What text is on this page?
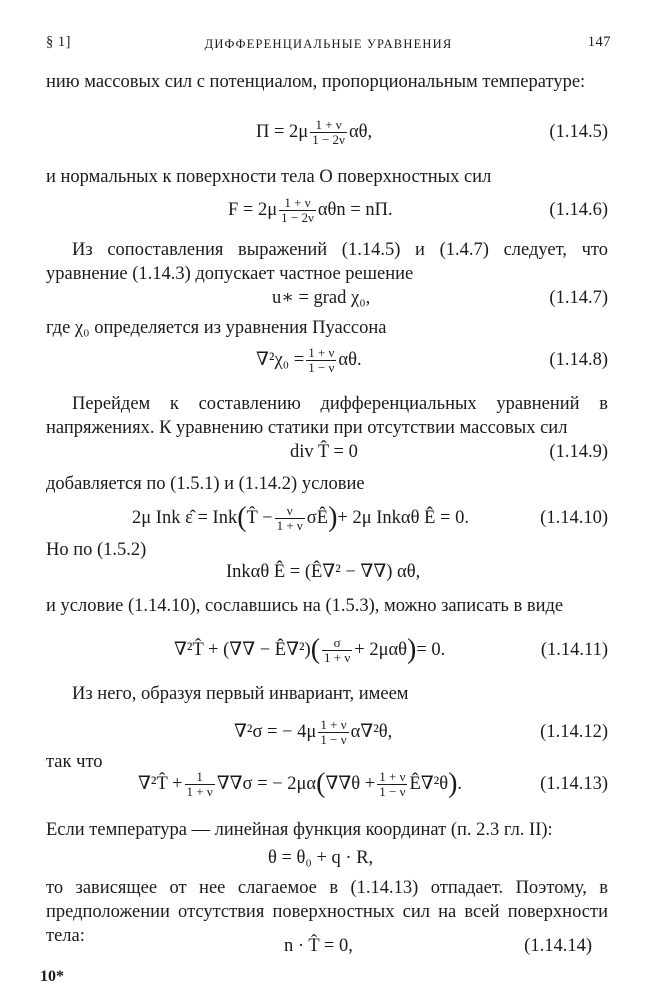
§ 1]	ДИФФЕРЕНЦИАЛЬНЫЕ УРАВНЕНИЯ	147
нию массовых сил с потенциалом, пропорциональным температуре:
$\Pi = 2\mu \frac{1 + \nu}{1 - 2\nu} \alpha\theta$,	(1.14.5)
и нормальных к поверхности тела O поверхностных сил
$F = 2\mu \frac{1 + \nu}{1 - 2\nu}$ αθn = nΠ.	(1.14.6)
Из сопоставления выражений (1.14.5) и (1.4.7) следует, что уравнение (1.14.3) допускает частное решение
u∗ = grad χ₀,	(1.14.7)
где χ₀ определяется из уравнения Пуассона
$\nabla^2\chi_0 = \frac{1 + \nu}{1 - \nu} \alpha\theta$.	(1.14.8)
Перейдем к составлению дифференциальных уравнений в напряжениях. К уравнению статики при отсутствии массовых сил
div T̂ = 0	(1.14.9)
добавляется по (1.5.1) и (1.14.2) условие
2μ Ink ε̂ = Ink ( T̂ − $\frac{\nu}{1 + \nu}$ σÊ ) + 2μ Inkαθ Ê = 0.	(1.14.10)
Но по (1.5.2)
Inkαθ Ê = (Ê∇² − ∇∇) αθ,
и условие (1.14.10), сославшись на (1.5.3), можно записать в виде
∇²T̂ + (∇∇ − Ê∇²) ( $\frac{\sigma}{1 + \nu} + 2\mu\alpha\theta$ ) = 0.	(1.14.11)
Из него, образуя первый инвариант, имеем
∇²σ = − $4\mu \frac{1 + \nu}{1 - \nu} \alpha\nabla^2\theta$,	(1.14.12)
так что
∇²T̂ + $\frac{1}{1 + \nu} \nabla\nabla\sigma$ = − 2μα ( $\nabla\nabla\theta + \frac{1 + \nu}{1 - \nu}$ Ê∇²θ ) .	(1.14.13)
Если температура — линейная функция координат (п. 2.3 гл. II):
θ = θ₀ + q · R,
то зависящее от нее слагаемое в (1.14.13) отпадает. Поэтому, в предположении отсутствия поверхностных сил на всей поверхности тела:	n · T̂ = 0,	(1.14.14)
10*
